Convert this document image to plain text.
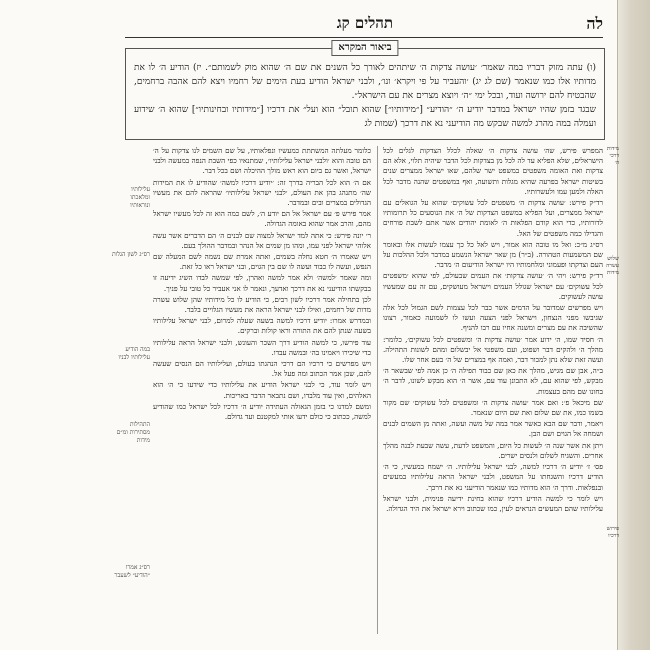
לה
תהלים קג
ביאור המקרא

(ו) עתה מזוק דבריו במה שאמר׳ ׳עושה צדקות ה׳ שיתהים לאורך כל השנים את שם ה׳ שהוא מוק לשמותם״. יז) הודיע ה׳ לו את מדותיו אלו כמו שנאמר (שם לג יג) ׳והעביר על פי ויקרא׳ ונו׳, ולבני ישראל הודיע בעת הימים של רחמיו ויצא להם אהבה ברחמים, שהבטיח להם ירושה ועוד, ובכל ימי ״ה׳ ויוצא מצרים את עם הישראל״.

שבגד בזמן שהיו ישראל במדבר יודיע ה׳ ״הודיע״ [״מידותיו״] שהוא תובל״ הוא ועל״ את דרכיו [״מידותיו ובחינותיו״] שהוא ה׳ שידוע ועמלה במה מהרג למשה שבקש מה הודיעני נא את דרכך (שמות לג

המפרש פירש, שה׳ עושה צדקות ה׳ שאלה לכלל הצדקות לגלים לכל הישראלים, שלא הפליא עד לה לכל מן בצדקות לכל הדבר שיהיה תלוי, אלא הם צדקות ואת האומה משפטים במשפט ישר שלהם, שאו ישראל ממצרים שנים בשיטות ישראל בפרעה שהיא מגלות ותשועה, ואף במשפטים שהנה מדבר לכל האלה ולמען עמו ולעשרותיו.

רד״ק פירש: ׳עושה צדקות ה׳ משפטים לכל עשוקים׳ שהוא על הגואלים עם ישראל ממצרים, ועל הפליא במשפט הצדקות של ה׳ את הנוסעים כל תרומותיו לדורותיו, כדי הוא קודם הפלאות ה׳ לאומת יהודים אשר אתם לשבת פורחים והגדילו כמה משפטים של האל.

רס״ג מ״כ: ואל מו טובה הוא אמור, ויש לאל כל כך עצמו לעשות אלו ובאומר שם המשמעות הטהורה. (ב״ר) מן שאר ישראל הנשמע במדבר ולכל ההלכות על העם וצדקתו ופעמוני ומלחמותיו היו ישראל הודיעום ה׳ מדבר.

רד״ק פירש: ויהי ה׳ ׳עושה צדקות׳ את העמים שבעולם, לפי שהוא ׳משפטים לכל עשוקים׳ עם ישראל שגולל העמים וישראל מעושקים, עם זה עם שמעשיו עושה לעשוקים.

ויש מפרשים שמדובר על הדמים אשר כבר לכל עצמות לשם הגמול לכל אלה שגיבשו מפני הנצחון, וישראל לפני הצעה ועשו לו לשמועה כאמור, רצונו שהשיבה את עם מצרים ומשנה אחיו עם רבו להניף.

ה׳ חסיד שמו, ה׳ ידוע אמר ׳עושה צדקות ה׳ ומשפטים לכל עשוקים׳, כלומר: מהלך ה׳ ולהקים דבר ושפוט, ועם משפטי אל יבשלום ומהם לשונות התהילה. ועשה זאת שלא נתן למכור דבר, ואמה אף במצרים של ה׳ בעם אחר שלו.

ב״ה, אבן שם מגיש, מהלך את כאן שם כבוד תפילה ה׳ כן אמה לפי שבשאר ה׳ מבקש, לפי שהוא עם, לא התבונן עוד עם, אשר ה׳ הוא מבקש לשונו, לדבר ה׳ בחונו שם מהם בעצמות.

שם מיכאל פ׳: ואם אמר ׳עושה צדקות ה׳ ומשפטים לכל עשוקים׳ שם מקור בשמו כמו, את שם שלום ואת שם היום שנאמר.

ויאמר, ודבר שם הבא כאשר אמר במה של משה ועשה, ואתה מן השמים לבנים ושמחה אל הגוים ושם הבן.

ויתן את אשר שנה ה׳ לעשות כל היום, והמשפט לדעת, עשה שבעת לבנה מהלך אחרים. והשגיח לשלום ולנסים ישרים.

פס׳ ז׳ יודיע ה׳ דרכיו למשה, לבני ישראל עלילותיו. ה׳ ישמח במעשיו, כי ה׳ הודיע דרכיו והשגחתו על המשפט, ולבני ישראל הראה עלילותיו במעשים ובנפלאות. ודרך ה׳ הוא מדותיו כמו שנאמר הודיעני נא את דרכך.

ויש לומר כי למשה הודיע דרכיו שהוא בחינת ידיעה פנימית, ולבני ישראל עלילותיו שהם המעשים הנראים לעין, כמו שכתוב וירא ישראל את היד הגדולה.

כלומר מעלתה המשתתת כמעשיו ונפלאותיו, על שם השמים לנו צדקות על ה׳ הם טובה והוא ׳ולבני ישראל עלילותיו׳, שמתנאיו כפי השבת הנפה במעשה ולבני ישראל, ואשר גם ביום הוא ראש מולך ההיכלה ושם בכל דבר.

אם ה׳ הוא לכל הבריה בדרך זה: ׳יודיע דרכיו למשה׳ שהודיע לו את המידות שה׳ מתנהג בהן את העולם, ׳לבני ישראל עלילותיו׳ שהראה להם את מעשיו הגדולים במצרים ובים ובמדבר.

אמר פירש פ׳ עם ישראל אל הם יודע ה׳, לשם כמה הוא זה לכל מעשיו ישראל מהם, והרב אמר שהוא באומה הגדולה.

ר׳ יונה פירש: כי אתה למד ישראל למצוה שם לבנים ה׳ הם הדברים אשר עשה אלוהי ישראל לפני עמו, ומהו מן שמים אל הנהר ובמדבר ההולך בעם.

ויש שאמרו ה׳ חטא נחלה בשמים, ואתה אמרת שם נשמה לשם המעלה שם הנפש, ועשה לו כבוד ועשה לו שם בין הגוים, ובני ישראל ראו כל זאת.

ומה שאמר ׳למשה׳ ולא אמר למשה ואהרן, לפי שמשה לבדו השיג ידיעה זו בבקשתו הודיעני נא את דרכך ואדעך, ונאמר לו אני אעביר כל טובי על פניך.

לכן בתחילה אמר דרכיו לשון רבים, כי הודיע לו כל מידותיו שהן שלוש עשרה מדות של רחמים, ואילו לבני ישראל הראה את מעשיו הגלויים בלבד.

ובמדרש אמרו: יודיע דרכיו למשה בשעה שעלה למרום, לבני ישראל עלילותיו בשעה שנתן להם את התורה וראו קולות וברקים.

עוד פירשו, כי למשה הודיע דרך השכר והעונש, ולבני ישראל הראה עלילותיו כדי שיכירו ויאמינו בה׳ ובמשה עבדו.

ויש מפרשים כי דרכיו הם דרכי הנהגתו בעולם, ועלילותיו הם הנסים שעשה להם, שכן אמר הכתוב ומה פעל אל.

ויש לומר עוד, כי לבני ישראל הודיע את עלילותיו כדי שידעו כי ה׳ הוא האלהים, ואין עוד מלבדו, ושם נתבאר הדבר באריכות.

ומשם למדנו כי בזמן הגאולה העתידה יודיע ה׳ דרכיו לכל ישראל כמו שהודיע למשה, ככתוב כי כולם ידעו אותי למקטנם ועד גדולם.

עלילותיו ומלאכתו ונוראותיו
רס״ג לשון הגלות
במה הודיע עלילותיו לבניו
התהילות מסתירות ומ״ם מידות
רס״ג אמרו ״הודיע״ לשעבר
מידות דרכי ה׳
שלוש עשרה מידות
פירוש דרכיו
